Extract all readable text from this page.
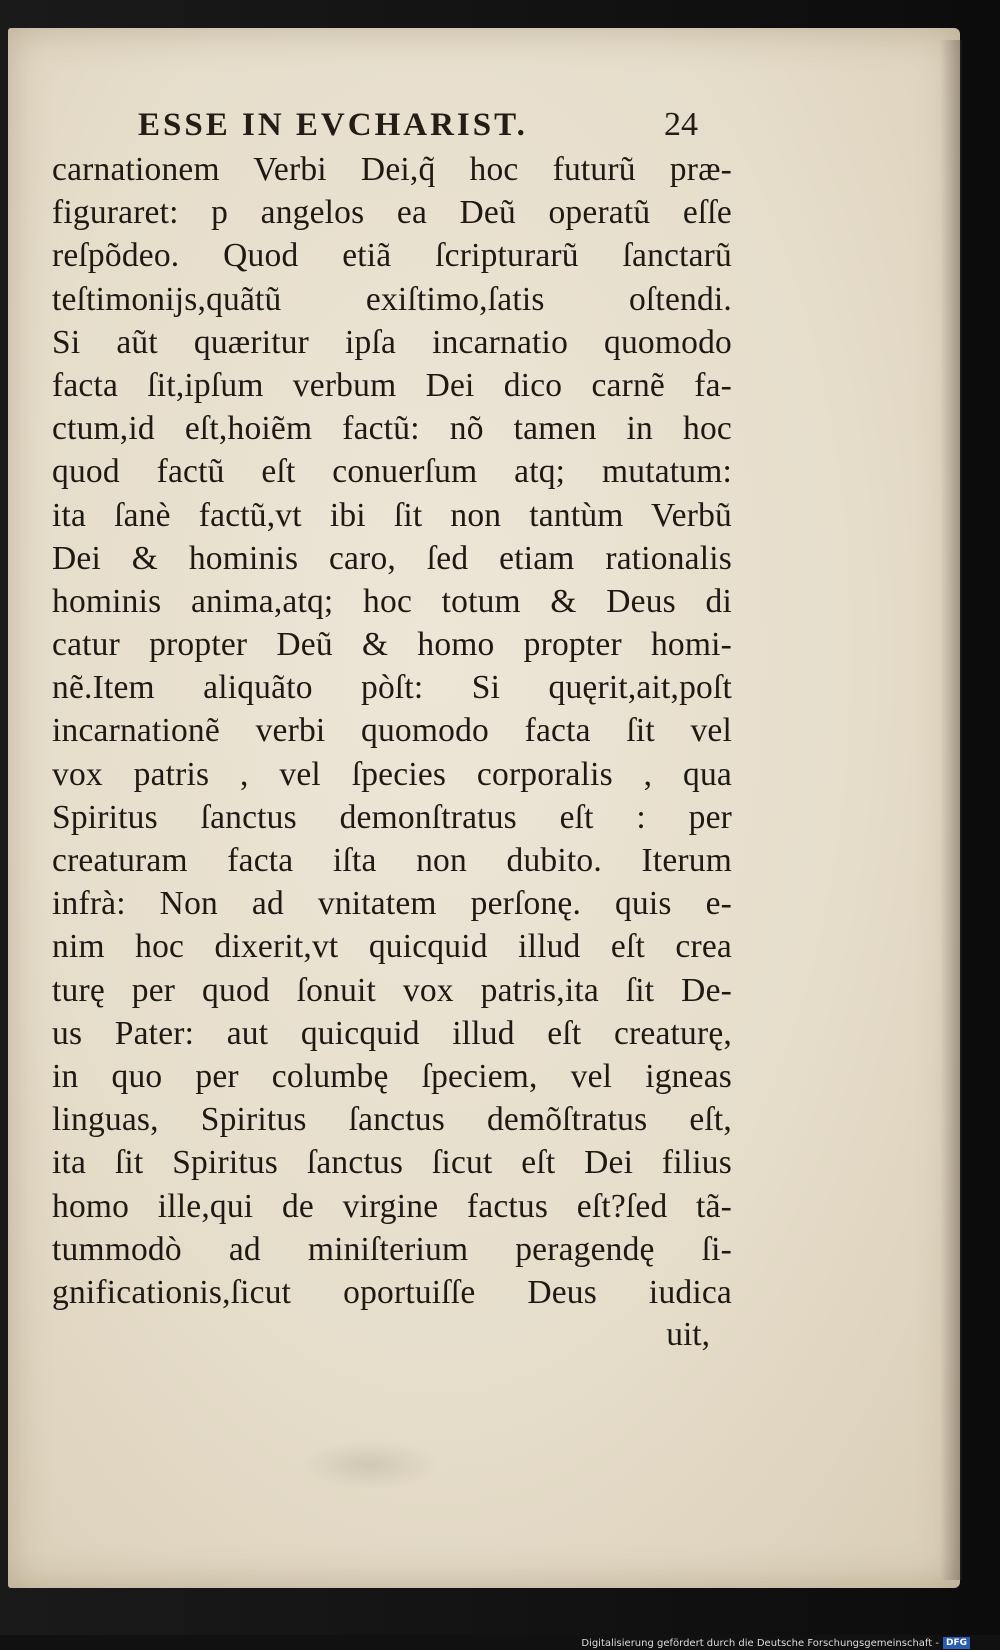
ESSE IN EVCHARIST.	24
carnationem Verbi Dei,q̃ hoc futurũ præ-
figuraret: p angelos ea Deũ operatũ eſſe
reſpõdeo. Quod etiã ſcripturarũ ſanctarũ
teſtimonijs,quãtũ exiſtimo,ſatis oſtendi.
Si aũt quæritur ipſa incarnatio quomodo
facta ſit,ipſum verbum Dei dico carnẽ fa-
ctum,id eſt,hoiẽm factũ: nõ tamen in hoc
quod factũ eſt conuerſum atq; mutatum:
ita ſanè factũ,vt ibi ſit non tantùm Verbũ
Dei & hominis caro, ſed etiam rationalis
hominis anima,atq; hoc totum & Deus di
catur propter Deũ & homo propter homi-
nẽ.Item aliquãto pòſt: Si quęrit,ait,poſt
incarnationẽ verbi quomodo facta ſit vel
vox patris , vel ſpecies corporalis , qua
Spiritus ſanctus demonſtratus eſt : per
creaturam facta iſta non dubito. Iterum
infrà: Non ad vnitatem perſonę. quis e-
nim hoc dixerit,vt quicquid illud eſt crea
turę per quod ſonuit vox patris,ita ſit De-
us Pater: aut quicquid illud eſt creaturę,
in quo per columbę ſpeciem, vel igneas
linguas, Spiritus ſanctus demõſtratus eſt,
ita ſit Spiritus ſanctus ſicut eſt Dei filius
homo ille,qui de virgine factus eſt?ſed tã-
tummodò ad miniſterium peragendę ſi-
gnificationis,ſicut oportuiſſe Deus iudica
uit,
Digitalisierung gefördert durch die Deutsche Forschungsgemeinschaft - DFG
